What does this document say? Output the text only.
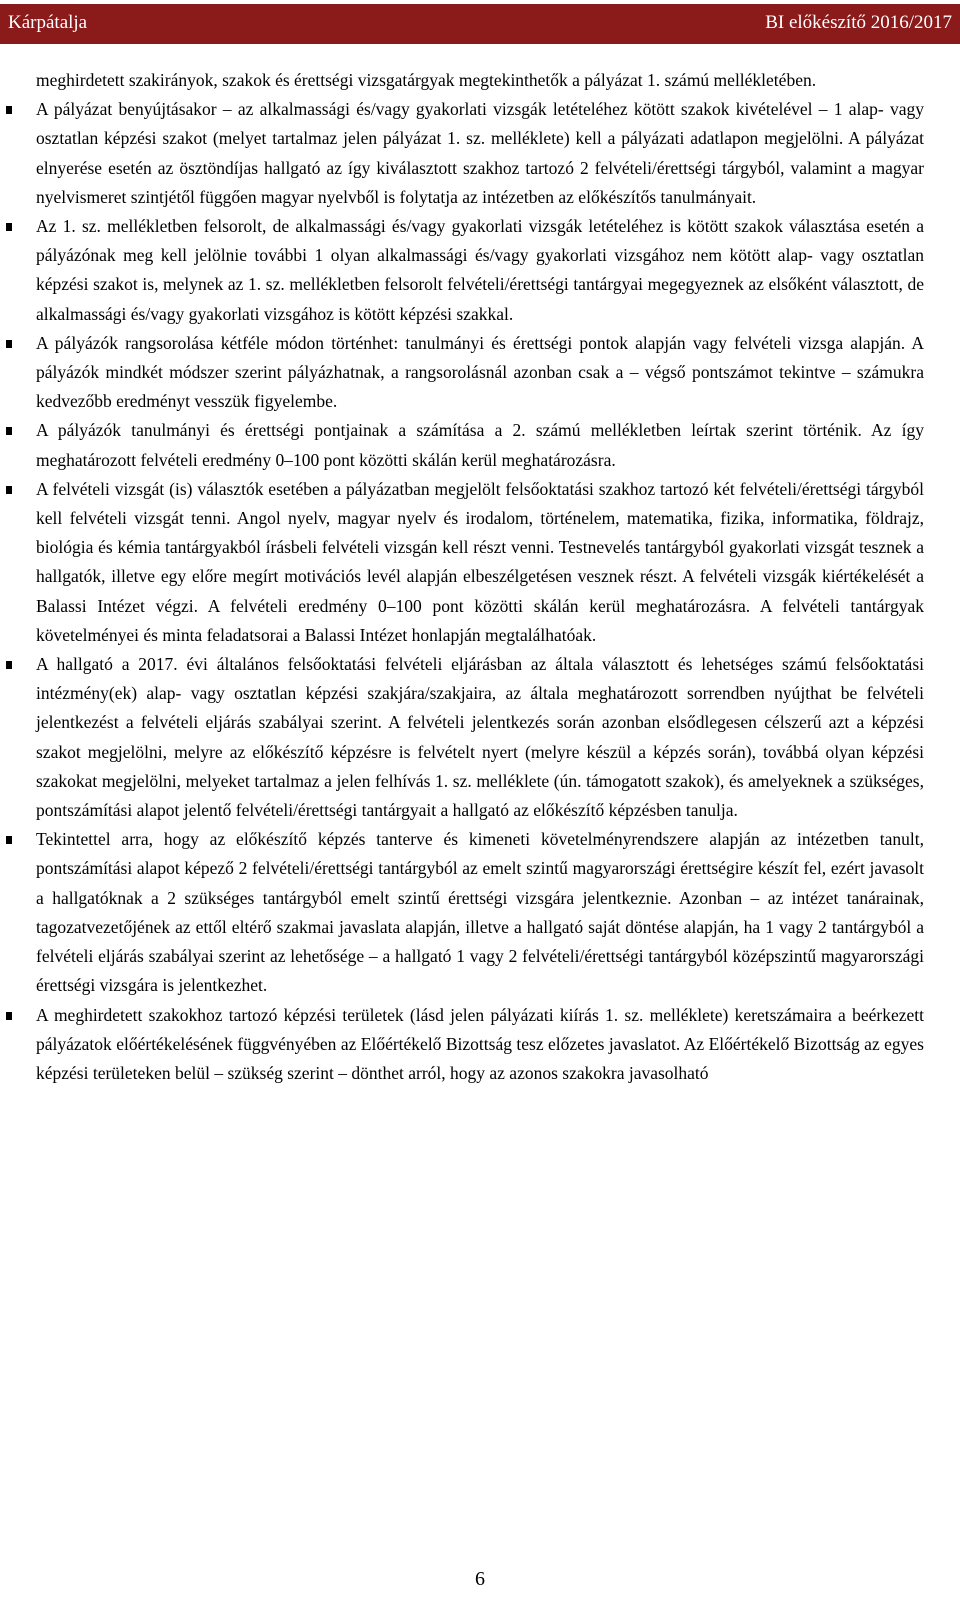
Kárpátalja	BI előkészítő 2016/2017

meghirdetett szakirányok, szakok és érettségi vizsgatárgyak megtekinthetők a pályázat 1. számú mellékletében.

A pályázat benyújtásakor – az alkalmassági és/vagy gyakorlati vizsgák letételéhez kötött szakok kivételével – 1 alap- vagy osztatlan képzési szakot (melyet tartalmaz jelen pályázat 1. sz. melléklete) kell a pályázati adatlapon megjelölni. A pályázat elnyerése esetén az ösztöndíjas hallgató az így kiválasztott szakhoz tartozó 2 felvételi/érettségi tárgyból, valamint a magyar nyelvismeret szintjétől függően magyar nyelvből is folytatja az intézetben az előkészítős tanulmányait.

Az 1. sz. mellékletben felsorolt, de alkalmassági és/vagy gyakorlati vizsgák letételéhez is kötött szakok választása esetén a pályázónak meg kell jelölnie további 1 olyan alkalmassági és/vagy gyakorlati vizsgához nem kötött alap- vagy osztatlan képzési szakot is, melynek az 1. sz. mellékletben felsorolt felvételi/érettségi tantárgyai megegyeznek az elsőként választott, de alkalmassági és/vagy gyakorlati vizsgához is kötött képzési szakkal.

A pályázók rangsorolása kétféle módon történhet: tanulmányi és érettségi pontok alapján vagy felvételi vizsga alapján. A pályázók mindkét módszer szerint pályázhatnak, a rangsorolásnál azonban csak a – végső pontszámot tekintve – számukra kedvezőbb eredményt vesszük figyelembe.

A pályázók tanulmányi és érettségi pontjainak a számítása a 2. számú mellékletben leírtak szerint történik. Az így meghatározott felvételi eredmény 0–100 pont közötti skálán kerül meghatározásra.

A felvételi vizsgát (is) választók esetében a pályázatban megjelölt felsőoktatási szakhoz tartozó két felvételi/érettségi tárgyból kell felvételi vizsgát tenni. Angol nyelv, magyar nyelv és irodalom, történelem, matematika, fizika, informatika, földrajz, biológia és kémia tantárgyakból írásbeli felvételi vizsgán kell részt venni. Testnevelés tantárgyból gyakorlati vizsgát tesznek a hallgatók, illetve egy előre megírt motivációs levél alapján elbeszélgetésen vesznek részt. A felvételi vizsgák kiértékelését a Balassi Intézet végzi. A felvételi eredmény 0–100 pont közötti skálán kerül meghatározásra. A felvételi tantárgyak követelményei és minta feladatsorai a Balassi Intézet honlapján megtalálhatóak.

A hallgató a 2017. évi általános felsőoktatási felvételi eljárásban az általa választott és lehetséges számú felsőoktatási intézmény(ek) alap- vagy osztatlan képzési szakjára/szakjaira, az általa meghatározott sorrendben nyújthat be felvételi jelentkezést a felvételi eljárás szabályai szerint. A felvételi jelentkezés során azonban elsődlegesen célszerű azt a képzési szakot megjelölni, melyre az előkészítő képzésre is felvételt nyert (melyre készül a képzés során), továbbá olyan képzési szakokat megjelölni, melyeket tartalmaz a jelen felhívás 1. sz. melléklete (ún. támogatott szakok), és amelyeknek a szükséges, pontszámítási alapot jelentő felvételi/érettségi tantárgyait a hallgató az előkészítő képzésben tanulja.

Tekintettel arra, hogy az előkészítő képzés tanterve és kimeneti követelményrendszere alapján az intézetben tanult, pontszámítási alapot képező 2 felvételi/érettségi tantárgyból az emelt szintű magyarországi érettségire készít fel, ezért javasolt a hallgatóknak a 2 szükséges tantárgyból emelt szintű érettségi vizsgára jelentkeznie. Azonban – az intézet tanárainak, tagozatvezetőjének az ettől eltérő szakmai javaslata alapján, illetve a hallgató saját döntése alapján, ha 1 vagy 2 tantárgyból a felvételi eljárás szabályai szerint az lehetősége – a hallgató 1 vagy 2 felvételi/érettségi tantárgyból középszintű magyarországi érettségi vizsgára is jelentkezhet.

A meghirdetett szakokhoz tartozó képzési területek (lásd jelen pályázati kiírás 1. sz. melléklete) keretszámaira a beérkezett pályázatok előértékelésének függvényében az Előértékelő Bizottság tesz előzetes javaslatot. Az Előértékelő Bizottság az egyes képzési területeken belül – szükség szerint – dönthet arról, hogy az azonos szakokra javasolható

6
